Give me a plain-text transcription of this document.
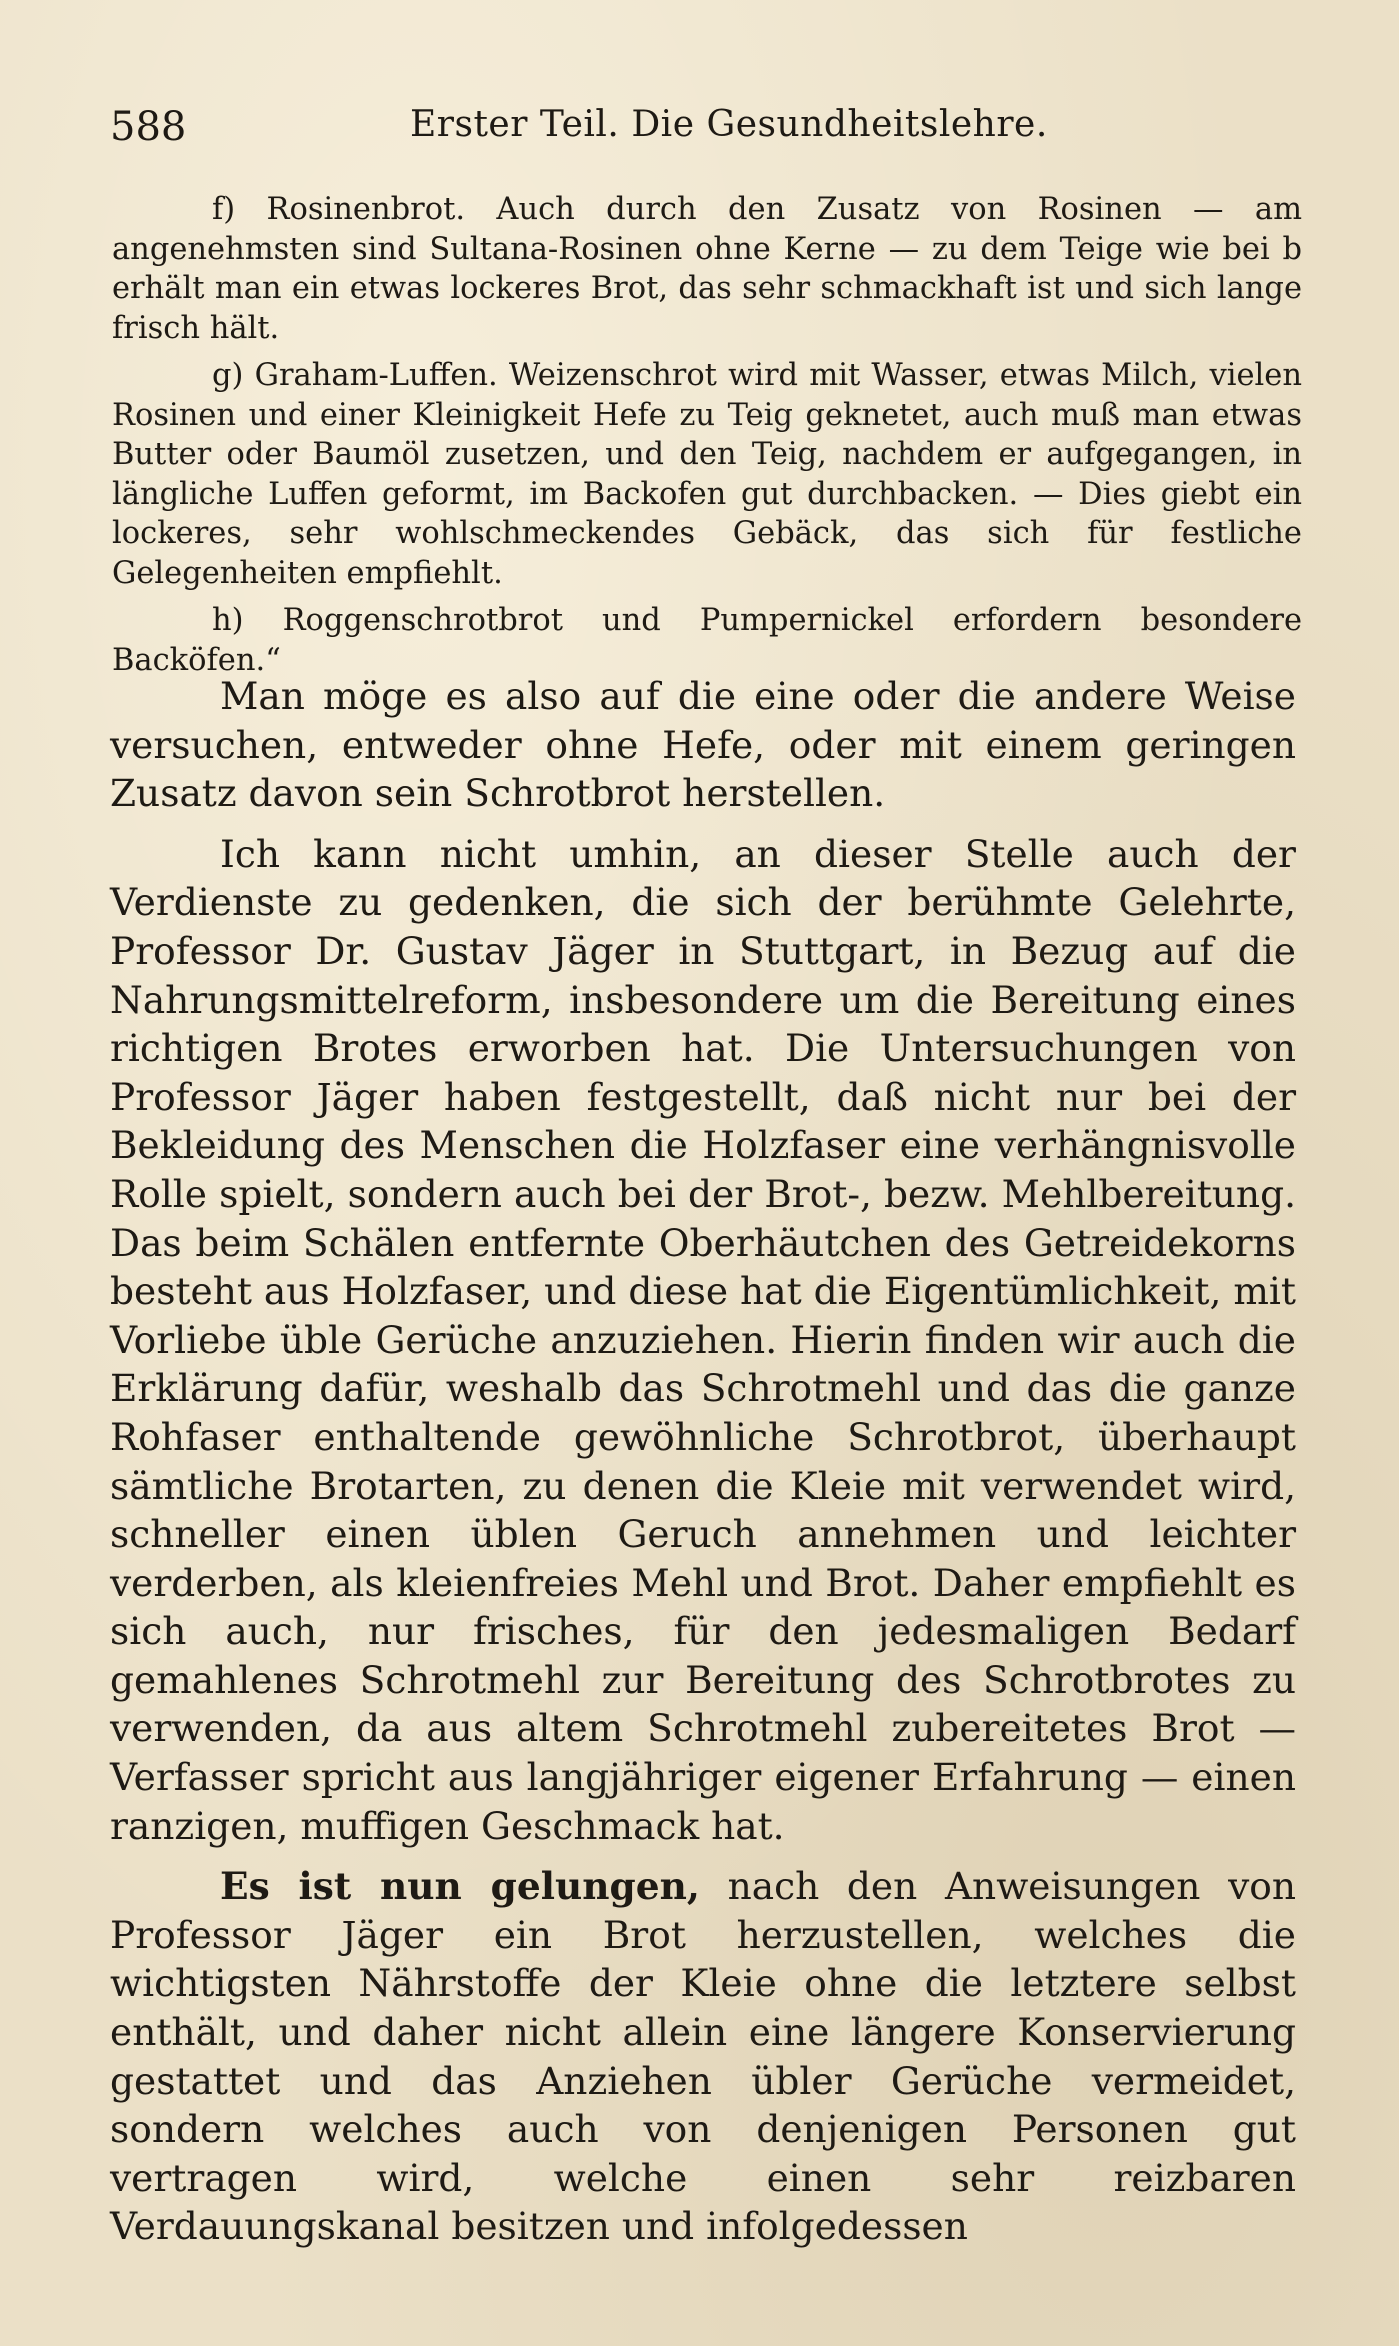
588	Erster Teil. Die Gesundheitslehre.

f) Rosinenbrot. Auch durch den Zusatz von Rosinen — am angenehmsten sind Sultana-Rosinen ohne Kerne — zu dem Teige wie bei b erhält man ein etwas lockeres Brot, das sehr schmackhaft ist und sich lange frisch hält.

g) Graham-Luffen. Weizenschrot wird mit Wasser, etwas Milch, vielen Rosinen und einer Kleinigkeit Hefe zu Teig geknetet, auch muß man etwas Butter oder Baumöl zusetzen, und den Teig, nachdem er aufgegangen, in längliche Luffen geformt, im Backofen gut durchbacken. — Dies giebt ein lockeres, sehr wohlschmeckendes Gebäck, das sich für festliche Gelegenheiten empfiehlt.

h) Roggenschrotbrot und Pumpernickel erfordern besondere Backöfen.“

Man möge es also auf die eine oder die andere Weise versuchen, entweder ohne Hefe, oder mit einem geringen Zusatz davon sein Schrotbrot herstellen.

Ich kann nicht umhin, an dieser Stelle auch der Verdienste zu gedenken, die sich der berühmte Gelehrte, Professor Dr. Gustav Jäger in Stuttgart, in Bezug auf die Nahrungsmittelreform, insbesondere um die Bereitung eines richtigen Brotes erworben hat. Die Untersuchungen von Professor Jäger haben festgestellt, daß nicht nur bei der Bekleidung des Menschen die Holzfaser eine verhängnisvolle Rolle spielt, sondern auch bei der Brot-, bezw. Mehlbereitung. Das beim Schälen entfernte Oberhäutchen des Getreidekorns besteht aus Holzfaser, und diese hat die Eigentümlichkeit, mit Vorliebe üble Gerüche anzuziehen. Hierin finden wir auch die Erklärung dafür, weshalb das Schrotmehl und das die ganze Rohfaser enthaltende gewöhnliche Schrotbrot, überhaupt sämtliche Brotarten, zu denen die Kleie mit verwendet wird, schneller einen üblen Geruch annehmen und leichter verderben, als kleienfreies Mehl und Brot. Daher empfiehlt es sich auch, nur frisches, für den jedesmaligen Bedarf gemahlenes Schrotmehl zur Bereitung des Schrotbrotes zu verwenden, da aus altem Schrotmehl zubereitetes Brot — Verfasser spricht aus langjähriger eigener Erfahrung — einen ranzigen, muffigen Geschmack hat.

Es ist nun gelungen, nach den Anweisungen von Professor Jäger ein Brot herzustellen, welches die wichtigsten Nährstoffe der Kleie ohne die letztere selbst enthält, und daher nicht allein eine längere Konservierung gestattet und das Anziehen übler Gerüche vermeidet, sondern welches auch von denjenigen Personen gut vertragen wird, welche einen sehr reizbaren Verdauungskanal besitzen und infolgedessen
